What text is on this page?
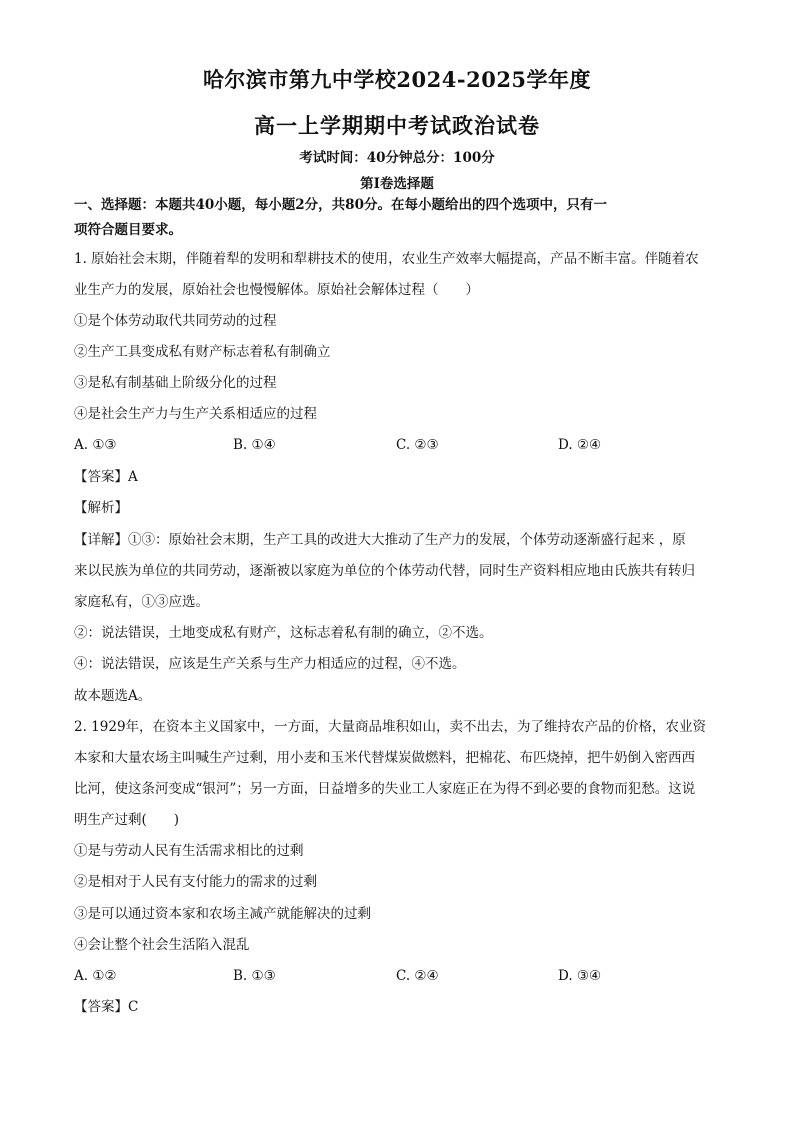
哈尔滨市第九中学校2024-2025学年度
高一上学期期中考试政治试卷
考试时间：40分钟总分：100分
第I卷选择题
一、选择题：本题共40小题，每小题2分，共80分。在每小题给出的四个选项中，只有一
项符合题目要求。
1. 原始社会末期，伴随着犁的发明和犁耕技术的使用，农业生产效率大幅提高，产品不断丰富。伴随着农
业生产力的发展，原始社会也慢慢解体。原始社会解体过程（　　）
①是个体劳动取代共同劳动的过程
②生产工具变成私有财产标志着私有制确立
③是私有制基础上阶级分化的过程
④是社会生产力与生产关系相适应的过程
A. ①③	B. ①④	C. ②③	D. ②④
【答案】A
【解析】
【详解】①③：原始社会末期，生产工具的改进大大推动了生产力的发展，个体劳动逐渐盛行起来 ，原
来以民族为单位的共同劳动，逐渐被以家庭为单位的个体劳动代替，同时生产资料相应地由氏族共有转归
家庭私有，①③应选。
②：说法错误，土地变成私有财产，这标志着私有制的确立，②不选。
④：说法错误，应该是生产关系与生产力相适应的过程，④不选。
故本题选A。
2. 1929年，在资本主义国家中，一方面，大量商品堆积如山，卖不出去，为了维持农产品的价格，农业资
本家和大量农场主叫喊生产过剩，用小麦和玉米代替煤炭做燃料，把棉花、布匹烧掉，把牛奶倒入密西西
比河，使这条河变成“银河”；另一方面，日益增多的失业工人家庭正在为得不到必要的食物而犯愁。这说
明生产过剩(　　)
①是与劳动人民有生活需求相比的过剩
②是相对于人民有支付能力的需求的过剩
③是可以通过资本家和农场主减产就能解决的过剩
④会让整个社会生活陷入混乱
A. ①②	B. ①③	C. ②④	D. ③④
【答案】C
